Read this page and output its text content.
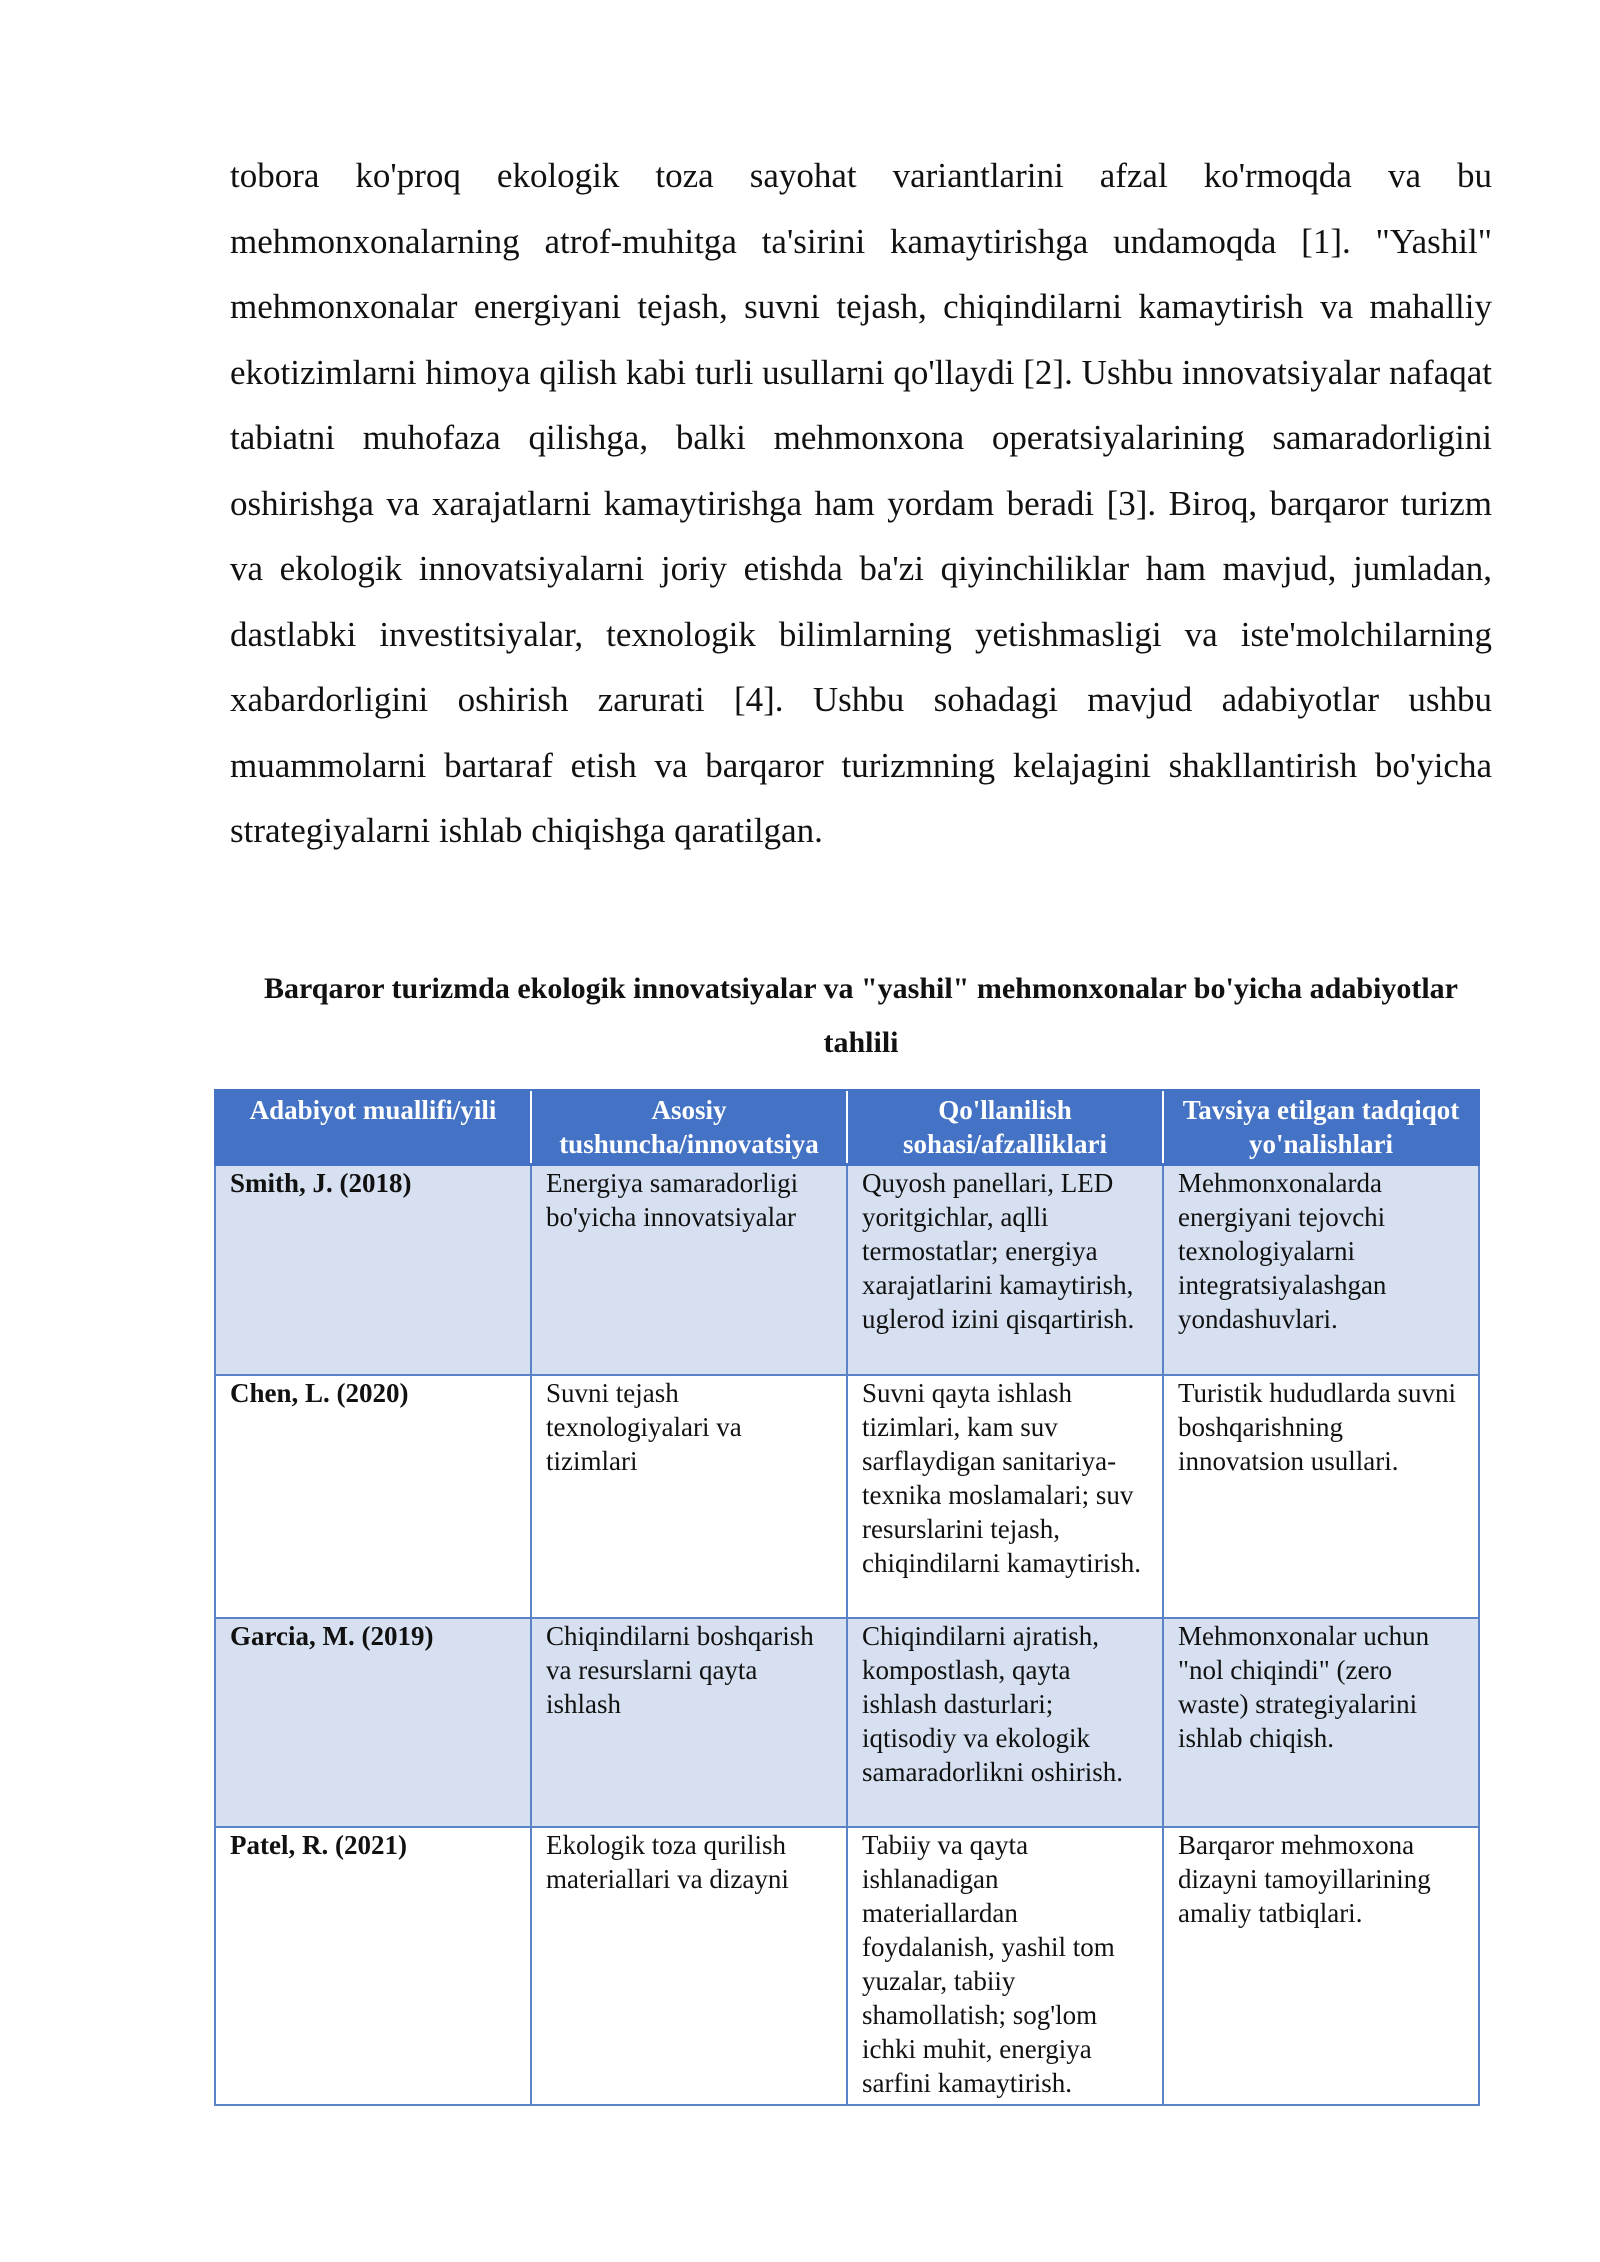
tobora ko'proq ekologik toza sayohat variantlarini afzal ko'rmoqda va bu mehmonxonalarning atrof-muhitga ta'sirini kamaytirishga undamoqda [1]. "Yashil" mehmonxonalar energiyani tejash, suvni tejash, chiqindilarni kamaytirish va mahalliy ekotizimlarni himoya qilish kabi turli usullarni qo'llaydi [2]. Ushbu innovatsiyalar nafaqat tabiatni muhofaza qilishga, balki mehmonxona operatsiyalarining samaradorligini oshirishga va xarajatlarni kamaytirishga ham yordam beradi [3]. Biroq, barqaror turizm va ekologik innovatsiyalarni joriy etishda ba'zi qiyinchiliklar ham mavjud, jumladan, dastlabki investitsiyalar, texnologik bilimlarning yetishmasligi va iste'molchilarning xabardorligini oshirish zarurati [4]. Ushbu sohadagi mavjud adabiyotlar ushbu muammolarni bartaraf etish va barqaror turizmning kelajagini shakllantirish bo'yicha strategiyalarni ishlab chiqishga qaratilgan.

Barqaror turizmda ekologik innovatsiyalar va "yashil" mehmonxonalar bo'yicha adabiyotlar tahlili

Adabiyot muallifi/yili	Asosiy tushuncha/innovatsiya	Qo'llanilish sohasi/afzalliklari	Tavsiya etilgan tadqiqot yo'nalishlari
Smith, J. (2018)	Energiya samaradorligi bo'yicha innovatsiyalar	Quyosh panellari, LED yoritgichlar, aqlli termostatlar; energiya xarajatlarini kamaytirish, uglerod izini qisqartirish.	Mehmonxonalarda energiyani tejovchi texnologiyalarni integratsiyalashgan yondashuvlari.
Chen, L. (2020)	Suvni tejash texnologiyalari va tizimlari	Suvni qayta ishlash tizimlari, kam suv sarflaydigan sanitariya-texnika moslamalari; suv resurslarini tejash, chiqindilarni kamaytirish.	Turistik hududlarda suvni boshqarishning innovatsion usullari.
Garcia, M. (2019)	Chiqindilarni boshqarish va resurslarni qayta ishlash	Chiqindilarni ajratish, kompostlash, qayta ishlash dasturlari; iqtisodiy va ekologik samaradorlikni oshirish.	Mehmonxonalar uchun "nol chiqindi" (zero waste) strategiyalarini ishlab chiqish.
Patel, R. (2021)	Ekologik toza qurilish materiallari va dizayni	Tabiiy va qayta ishlanadigan materiallardan foydalanish, yashil tom yuzalar, tabiiy shamollatish; sog'lom ichki muhit, energiya sarfini kamaytirish.	Barqaror mehmoxona dizayni tamoyillarining amaliy tatbiqlari.
